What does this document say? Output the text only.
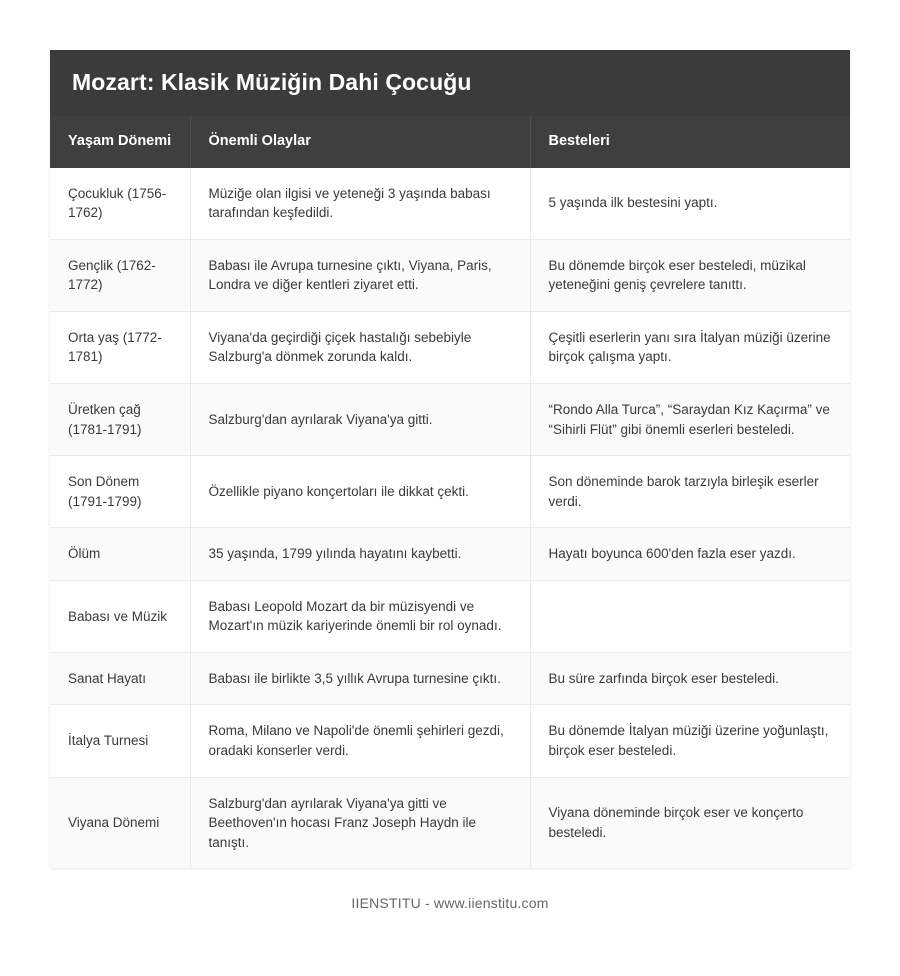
Mozart: Klasik Müziğin Dahi Çocuğu
Yaşam Dönemi	Önemli Olaylar	Besteleri
Çocukluk (1756-1762)	Müziğe olan ilgisi ve yeteneği 3 yaşında babası tarafından keşfedildi.	5 yaşında ilk bestesini yaptı.
Gençlik (1762-1772)	Babası ile Avrupa turnesine çıktı, Viyana, Paris, Londra ve diğer kentleri ziyaret etti.	Bu dönemde birçok eser besteledi, müzikal yeteneğini geniş çevrelere tanıttı.
Orta yaş (1772-1781)	Viyana'da geçirdiği çiçek hastalığı sebebiyle Salzburg'a dönmek zorunda kaldı.	Çeşitli eserlerin yanı sıra İtalyan müziği üzerine birçok çalışma yaptı.
Üretken çağ (1781-1791)	Salzburg'dan ayrılarak Viyana'ya gitti.	“Rondo Alla Turca”, “Saraydan Kız Kaçırma” ve “Sihirli Flüt” gibi önemli eserleri besteledi.
Son Dönem (1791-1799)	Özellikle piyano konçertoları ile dikkat çekti.	Son döneminde barok tarzıyla birleşik eserler verdi.
Ölüm	35 yaşında, 1799 yılında hayatını kaybetti.	Hayatı boyunca 600'den fazla eser yazdı.
Babası ve Müzik	Babası Leopold Mozart da bir müzisyendi ve Mozart'ın müzik kariyerinde önemli bir rol oynadı.	
Sanat Hayatı	Babası ile birlikte 3,5 yıllık Avrupa turnesine çıktı.	Bu süre zarfında birçok eser besteledi.
İtalya Turnesi	Roma, Milano ve Napoli'de önemli şehirleri gezdi, oradaki konserler verdi.	Bu dönemde İtalyan müziği üzerine yoğunlaştı, birçok eser besteledi.
Viyana Dönemi	Salzburg'dan ayrılarak Viyana'ya gitti ve Beethoven'ın hocası Franz Joseph Haydn ile tanıştı.	Viyana döneminde birçok eser ve konçerto besteledi.
IIENSTITU - www.iienstitu.com
